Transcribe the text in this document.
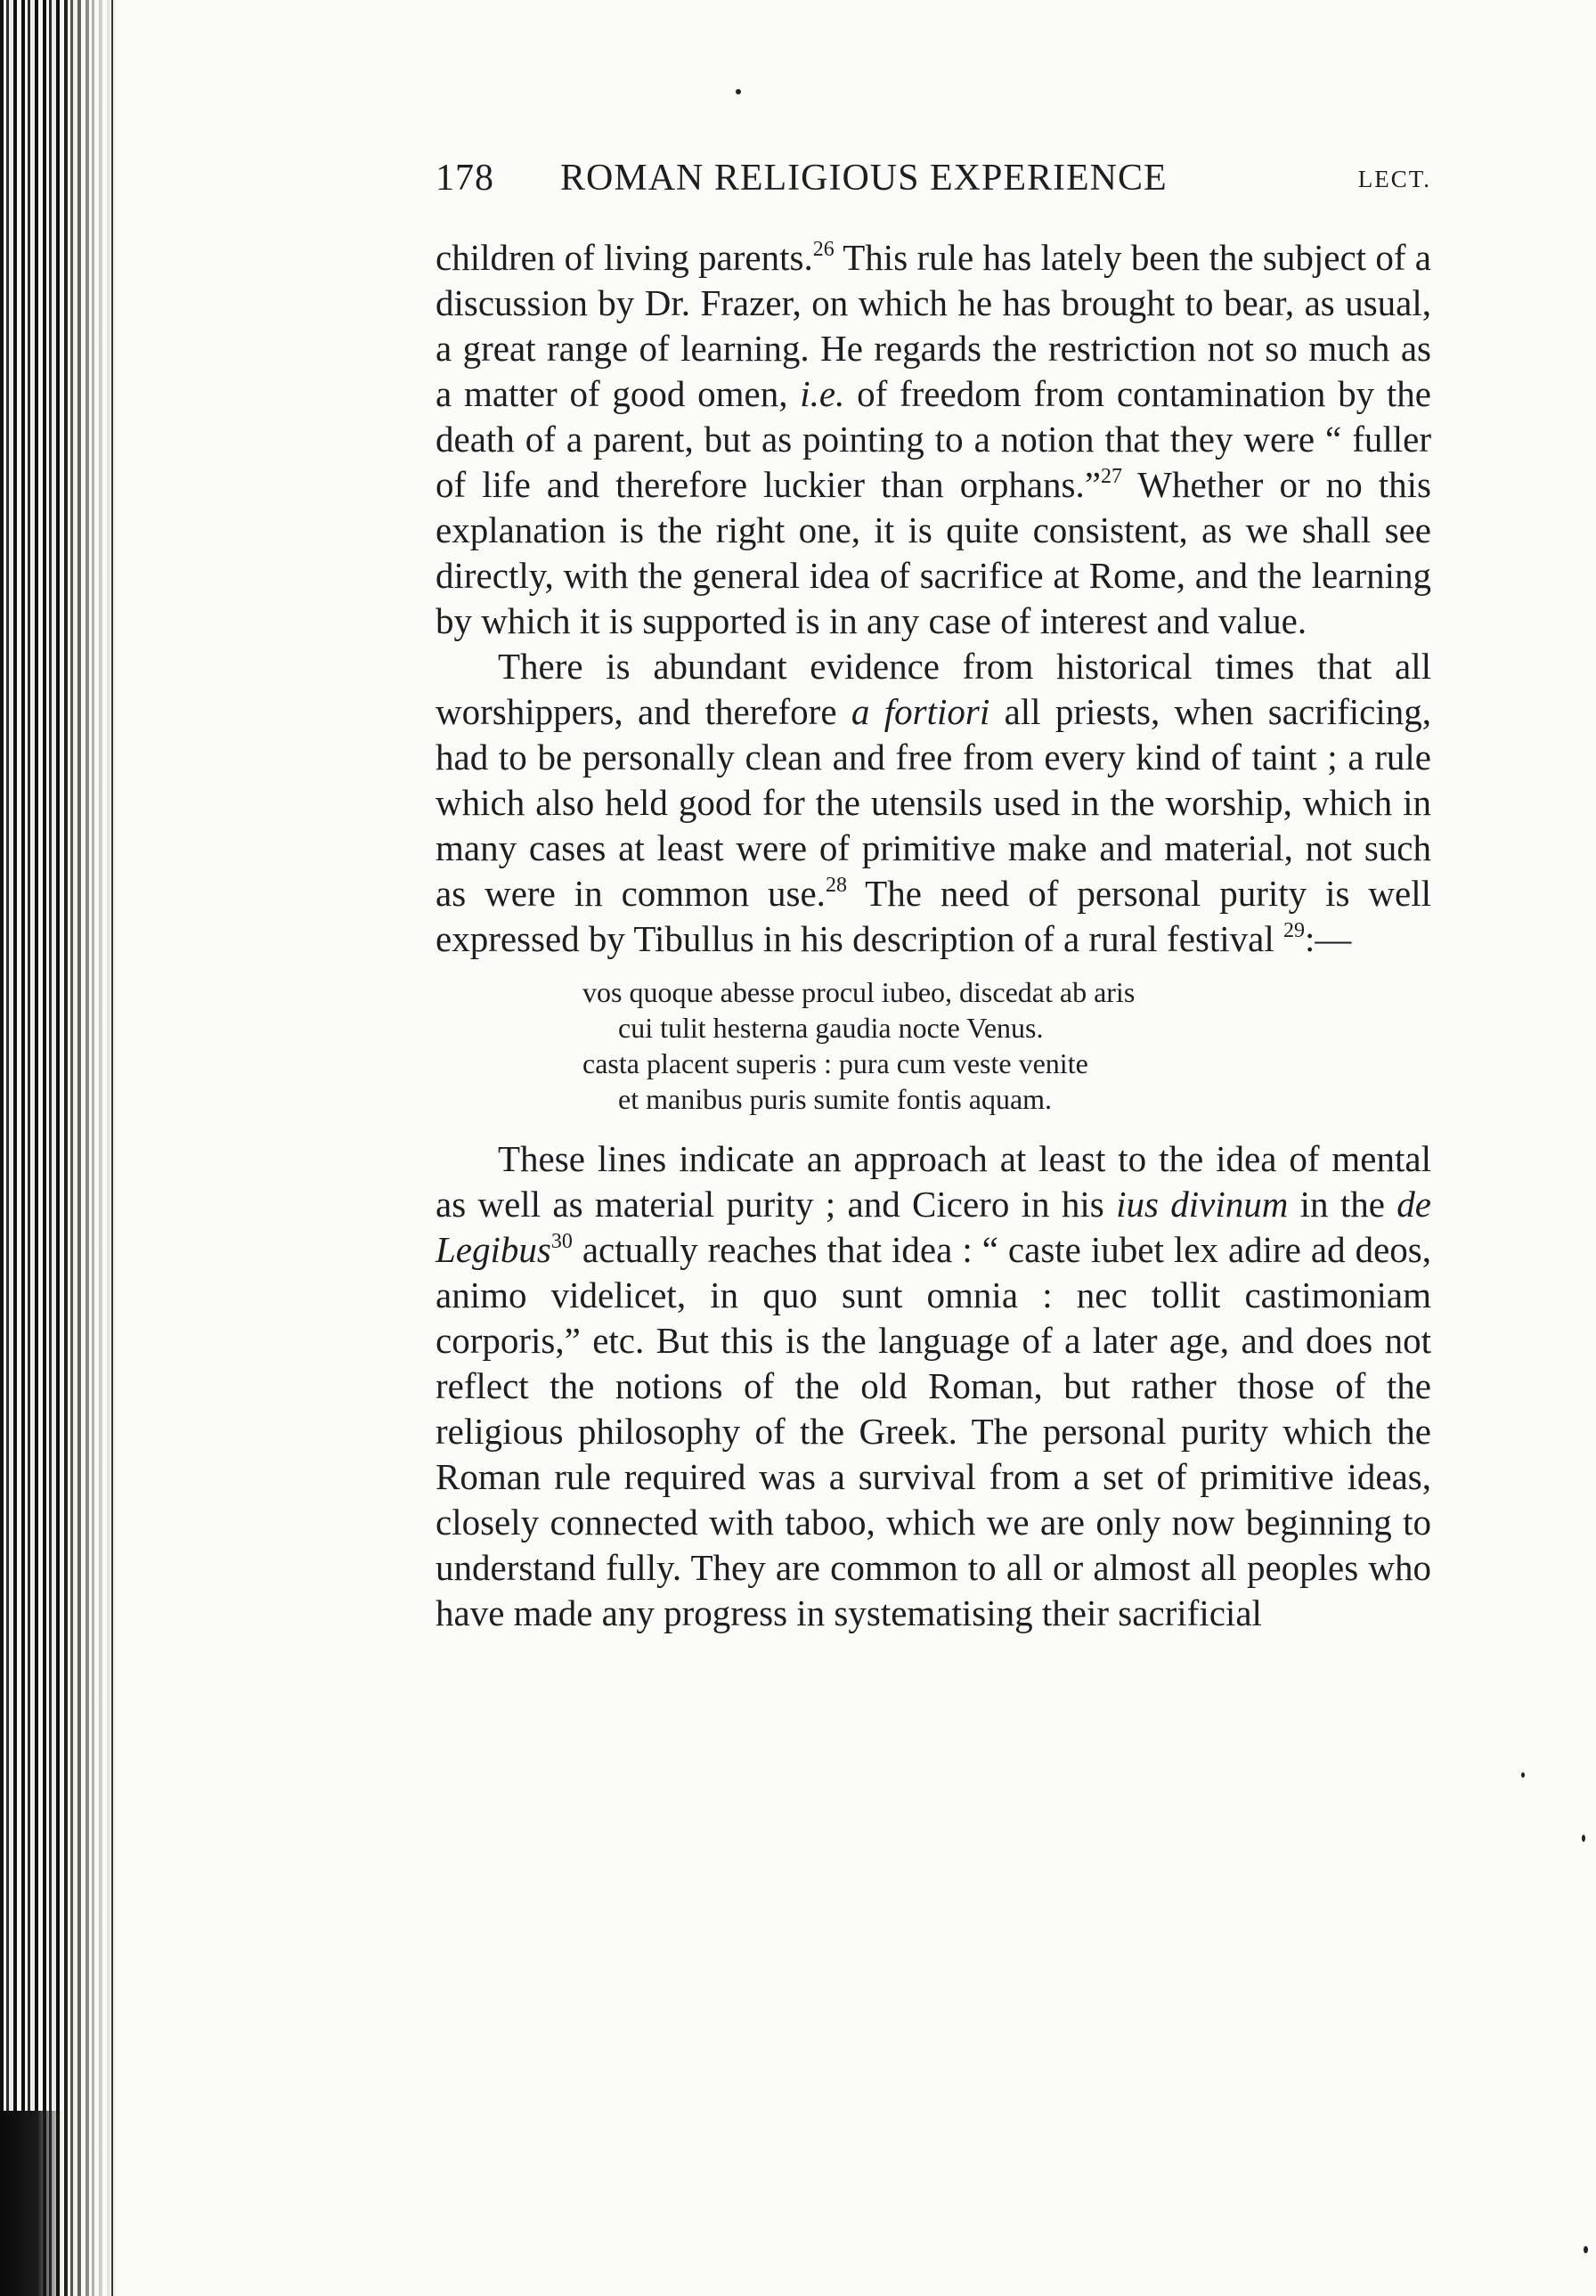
178 ROMAN RELIGIOUS EXPERIENCE	LECT.

children of living parents.$^{26}$ This rule has lately been the subject of a discussion by Dr. Frazer, on which he has brought to bear, as usual, a great range of learning. He regards the restriction not so much as a matter of good omen, i.e. of freedom from contamination by the death of a parent, but as pointing to a notion that they were “ fuller of life and therefore luckier than orphans.”$^{27}$ Whether or no this explanation is the right one, it is quite consistent, as we shall see directly, with the general idea of sacrifice at Rome, and the learning by which it is supported is in any case of interest and value.

There is abundant evidence from historical times that all worshippers, and therefore a fortiori all priests, when sacrificing, had to be personally clean and free from every kind of taint ; a rule which also held good for the utensils used in the worship, which in many cases at least were of primitive make and material, not such as were in common use.$^{28}$ The need of personal purity is well expressed by Tibullus in his description of a rural festival $^{29}$:—

vos quoque abesse procul iubeo, discedat ab aris
cui tulit hesterna gaudia nocte Venus.
casta placent superis : pura cum veste venite
et manibus puris sumite fontis aquam.

These lines indicate an approach at least to the idea of mental as well as material purity ; and Cicero in his ius divinum in the de Legibus$^{30}$ actually reaches that idea : “ caste iubet lex adire ad deos, animo videlicet, in quo sunt omnia : nec tollit castimoniam corporis,” etc. But this is the language of a later age, and does not reflect the notions of the old Roman, but rather those of the religious philosophy of the Greek. The personal purity which the Roman rule required was a survival from a set of primitive ideas, closely connected with taboo, which we are only now beginning to understand fully. They are common to all or almost all peoples who have made any progress in systematising their sacrificial
